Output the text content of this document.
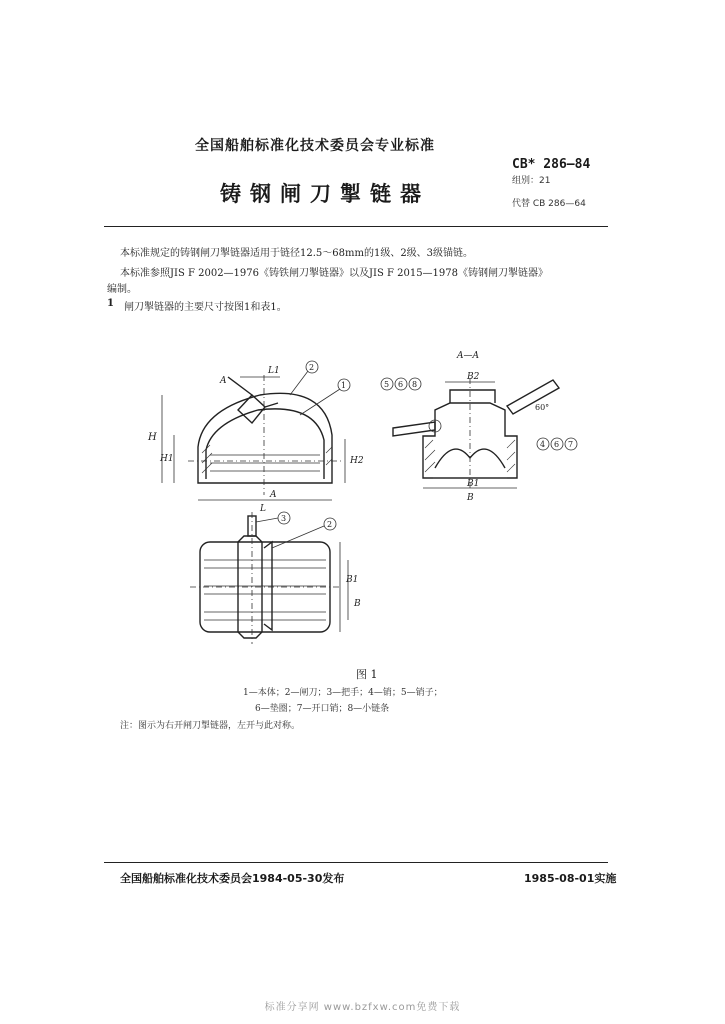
全国船舶标准化技术委员会专业标准
CB* 286—84
组别：21
铸钢闸刀掣链器	代替 CB 286—64
本标准规定的铸钢闸刀掣链器适用于链径12.5～68mm的1级、2级、3级锚链。
本标准参照JIS F 2002—1976《铸铁闸刀掣链器》以及JIS F 2015—1978《铸钢闸刀掣链器》
编制。
1 闸刀掣链器的主要尺寸按图1和表1。
H
H1	H2
L
L1
A
A
2
1
A—A
B
B1
B2
60°
5 6 8
4 6 7
B1
B
3
2
图 1
1—本体；2—闸刀；3—把手；4—销；5—销子；
6—垫圈；7—开口销；8—小链条
注：图示为右开闸刀掣链器，左开与此对称。
全国船舶标准化技术委员会1984-05-30发布	1985-08-01实施
标准分享网 www.bzfxw.com免费下载
